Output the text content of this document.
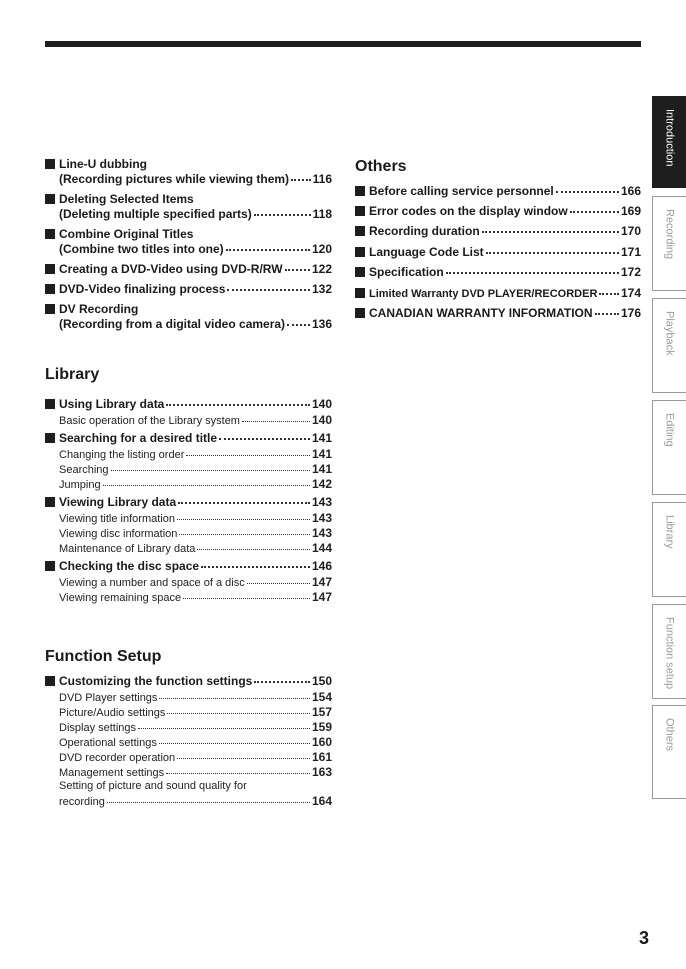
Line-U dubbing
(Recording pictures while viewing them) 116
Deleting Selected Items
(Deleting multiple specified parts)	118
Combine Original Titles
(Combine two titles into one)	120
Creating a DVD-Video using DVD-R/RW 122
DVD-Video finalizing process	132
DV Recording
(Recording from a digital video camera) 136
Library
Using Library data	140
Basic operation of the Library system	140
Searching for a desired title	141
Changing the listing order	141
Searching	141
Jumping	142
Viewing Library data	143
Viewing title information	143
Viewing disc information	143
Maintenance of Library data	144
Checking the disc space	146
Viewing a number and space of a disc	147
Viewing remaining space	147
Function Setup
Customizing the function settings	150
DVD Player settings	154
Picture/Audio settings	157
Display settings	159
Operational settings	160
DVD recorder operation	161
Management settings	163
Setting of picture and sound quality for
recording	164
Others
Before calling service personnel	166
Error codes on the display window	169
Recording duration	170
Language Code List	171
Specification	172
Limited Warranty DVD PLAYER/RECORDER 174
CANADIAN WARRANTY INFORMATION 176
Introduction
Recording
Playback
Editing
Library
Function setup
Others
3
